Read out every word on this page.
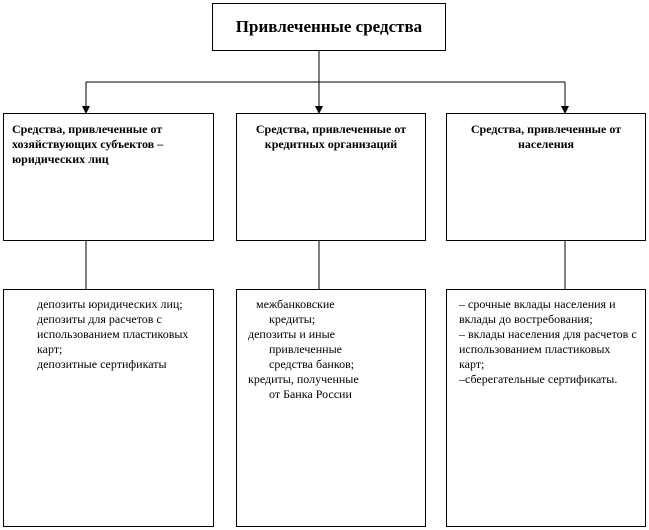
Привлеченные средства
Средства, привлеченные от хозяйствующих субъектов – юридических лиц
Средства, привлеченные от кредитных организаций
Средства, привлеченные от населения
депозиты юридических лиц;
депозиты для расчетов с использованием пластиковых карт;
депозитные сертификаты
межбанковские
кредиты;
депозиты и иные
привлеченные
средства банков;
кредиты, полученные
от Банка России
– срочные вклады населения и вклады до востребования;
– вклады населения для расчетов с использованием пластиковых карт;
–сберегательные сертификаты.
